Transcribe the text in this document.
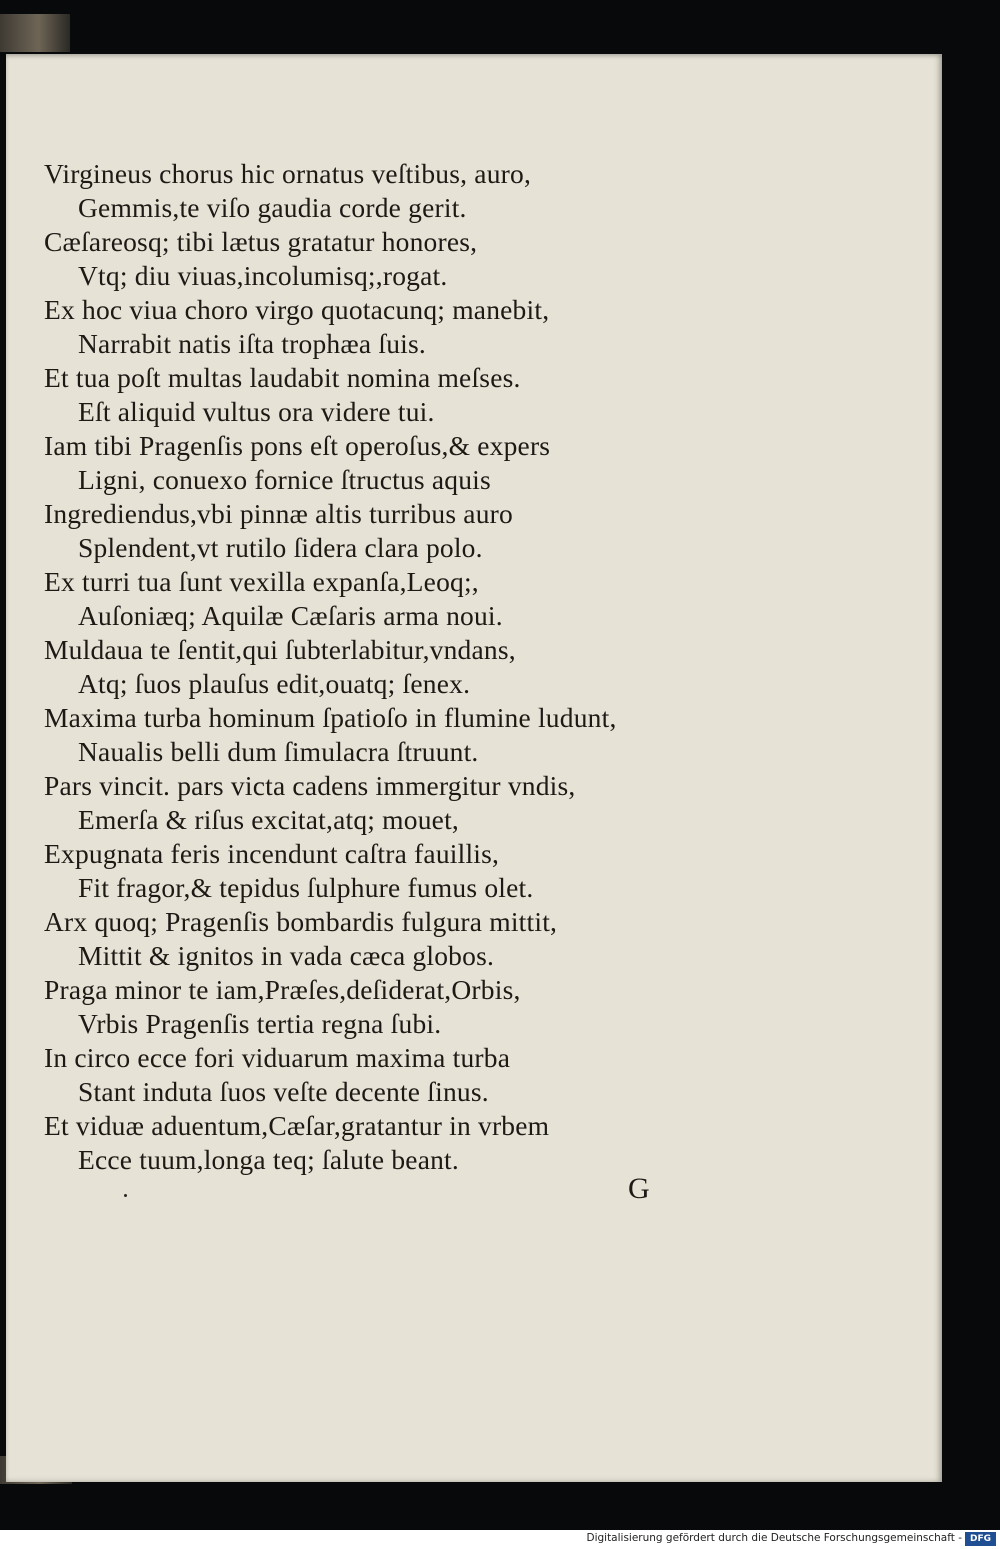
Virgineus chorus hic ornatus veſtibus, auro,
Gemmis,te viſo gaudia corde gerit.
Cæſareosq; tibi lætus gratatur honores,
Vtq; diu viuas,incolumisq;,rogat.
Ex hoc viua choro virgo quotacunq; manebit,
Narrabit natis iſta trophæa ſuis.
Et tua poſt multas laudabit nomina meſses.
Eſt aliquid vultus ora videre tui.
Iam tibi Pragenſis pons eſt operoſus,& expers
Ligni, conuexo fornice ſtructus aquis
Ingrediendus,vbi pinnæ altis turribus auro
Splendent,vt rutilo ſidera clara polo.
Ex turri tua ſunt vexilla expanſa,Leoq;,
Auſoniæq; Aquilæ Cæſaris arma noui.
Muldaua te ſentit,qui ſubterlabitur,vndans,
Atq; ſuos plauſus edit,ouatq; ſenex.
Maxima turba hominum ſpatioſo in flumine ludunt,
Naualis belli dum ſimulacra ſtruunt.
Pars vincit. pars victa cadens immergitur vndis,
Emerſa & riſus excitat,atq; mouet,
Expugnata feris incendunt caſtra fauillis,
Fit fragor,& tepidus ſulphure fumus olet.
Arx quoq; Pragenſis bombardis fulgura mittit,
Mittit & ignitos in vada cæca globos.
Praga minor te iam,Præſes,deſiderat,Orbis,
Vrbis Pragenſis tertia regna ſubi.
In circo ecce fori viduarum maxima turba
Stant induta ſuos veſte decente ſinus.
Et viduæ aduentum,Cæſar,gratantur in vrbem
Ecce tuum,longa teq; ſalute beant.
G
Digitalisierung gefördert durch die Deutsche Forschungsgemeinschaft - DFG
